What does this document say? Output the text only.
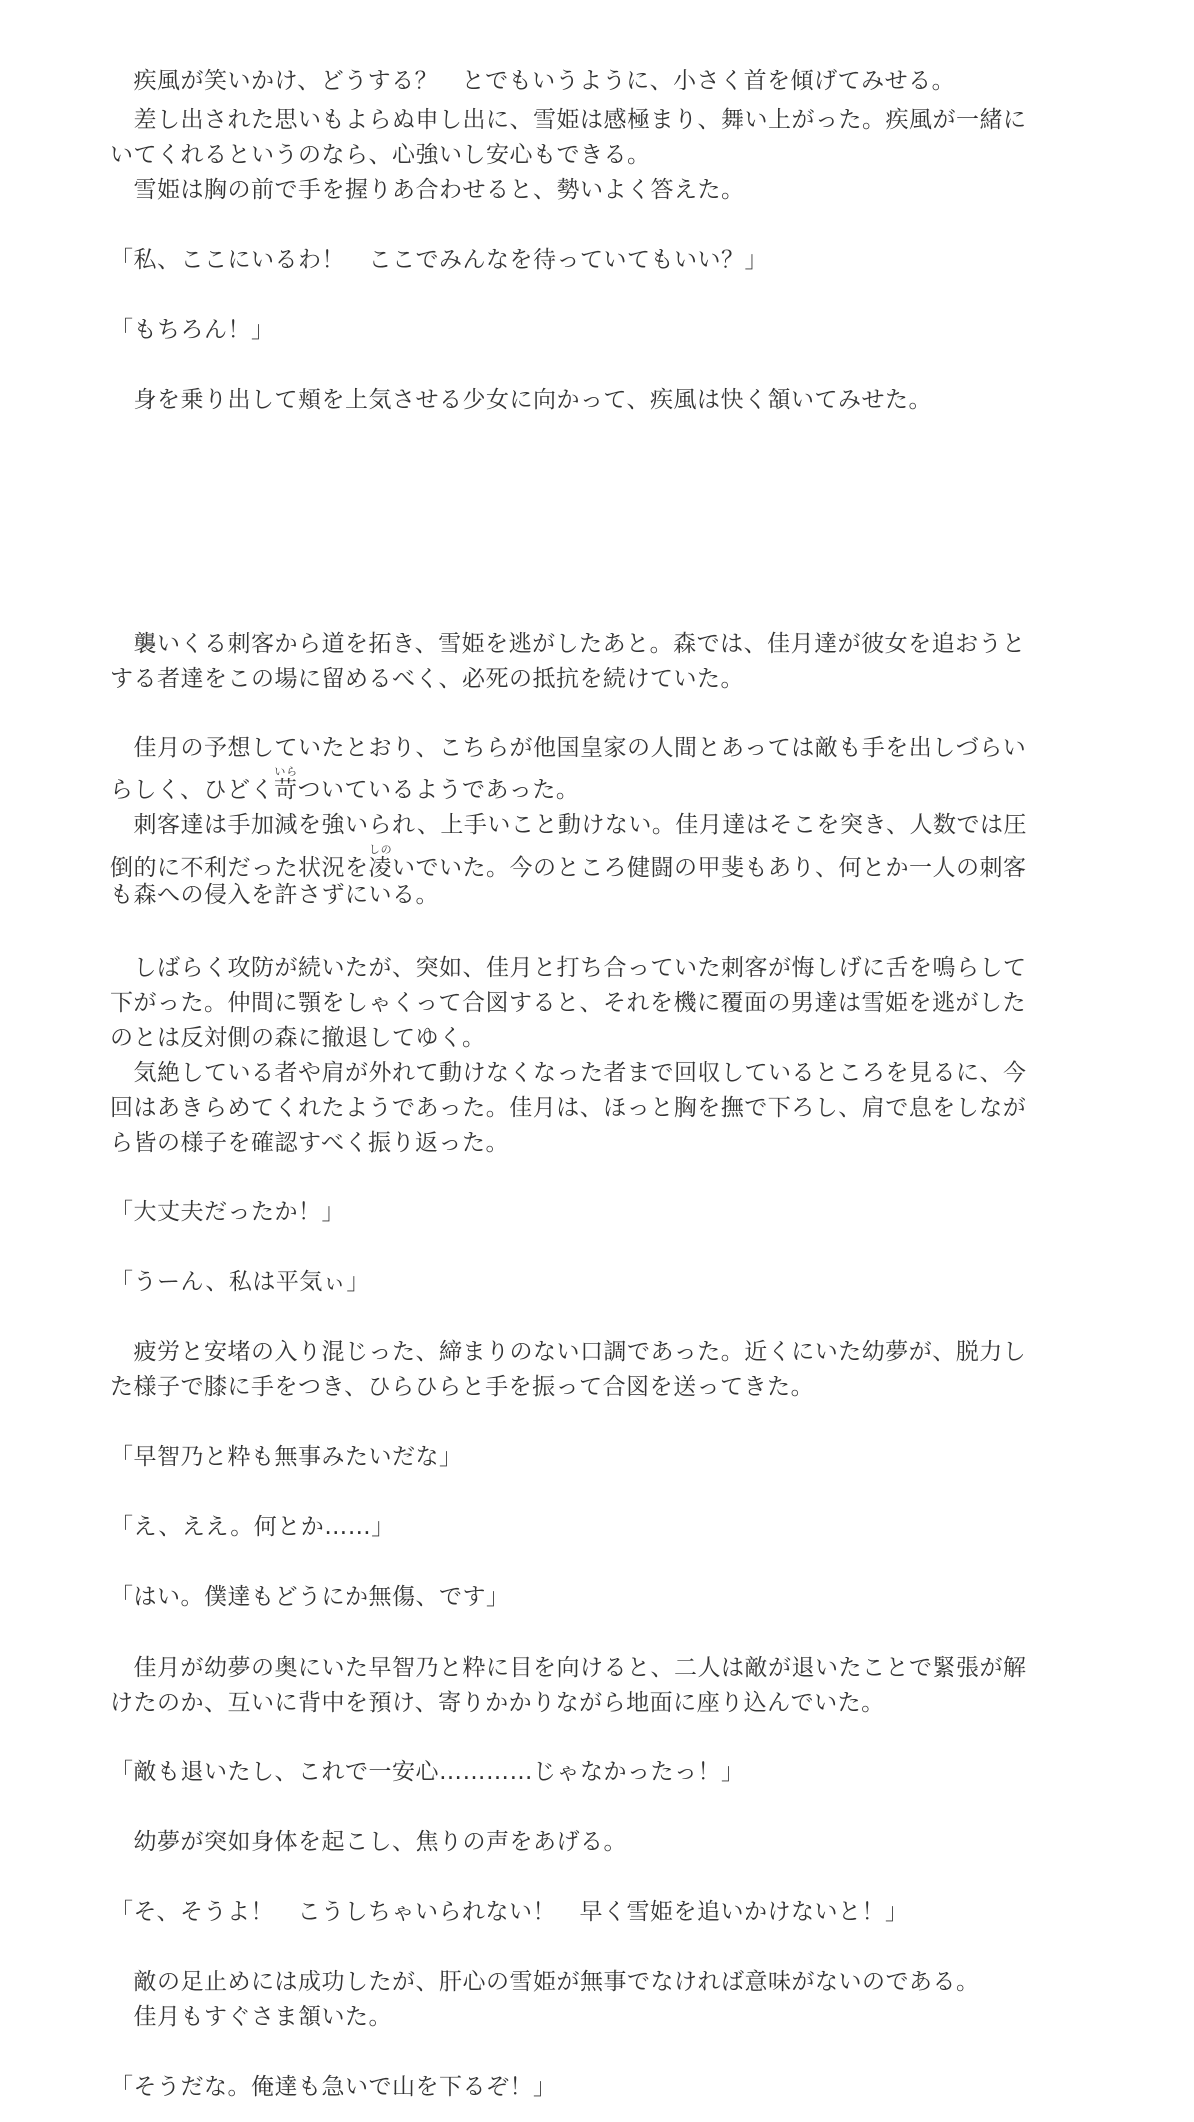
　疾風が笑いかけ、どうする？　とでもいうように、小さく首を傾げてみせる。
　差し出された思いもよらぬ申し出に、雪姫は感極まり、舞い上がった。疾風が一緒に
いてくれるというのなら、心強いし安心もできる。
　雪姫は胸の前で手を握りあ合わせると、勢いよく答えた。
「私、ここにいるわ！　ここでみんなを待っていてもいい？」
「もちろん！」
　身を乗り出して頬を上気させる少女に向かって、疾風は快く頷いてみせた。
　襲いくる刺客から道を拓き、雪姫を逃がしたあと。森では、佳月達が彼女を追おうと
する者達をこの場に留めるべく、必死の抵抗を続けていた。
　佳月の予想していたとおり、こちらが他国皇家の人間とあっては敵も手を出しづらい
らしく、ひどく苛いらついているようであった。
　刺客達は手加減を強いられ、上手いこと動けない。佳月達はそこを突き、人数では圧
倒的に不利だった状況を凌しのいでいた。今のところ健闘の甲斐もあり、何とか一人の刺客
も森への侵入を許さずにいる。
　しばらく攻防が続いたが、突如、佳月と打ち合っていた刺客が悔しげに舌を鳴らして
下がった。仲間に顎をしゃくって合図すると、それを機に覆面の男達は雪姫を逃がした
のとは反対側の森に撤退してゆく。
　気絶している者や肩が外れて動けなくなった者まで回収しているところを見るに、今
回はあきらめてくれたようであった。佳月は、ほっと胸を撫で下ろし、肩で息をしなが
ら皆の様子を確認すべく振り返った。
「大丈夫だったか！」
「うーん、私は平気ぃ」
　疲労と安堵の入り混じった、締まりのない口調であった。近くにいた幼夢が、脱力し
た様子で膝に手をつき、ひらひらと手を振って合図を送ってきた。
「早智乃と粋も無事みたいだな」
「え、ええ。何とか……」
「はい。僕達もどうにか無傷、です」
　佳月が幼夢の奥にいた早智乃と粋に目を向けると、二人は敵が退いたことで緊張が解
けたのか、互いに背中を預け、寄りかかりながら地面に座り込んでいた。
「敵も退いたし、これで一安心…………じゃなかったっ！」
　幼夢が突如身体を起こし、焦りの声をあげる。
「そ、そうよ！　こうしちゃいられない！　早く雪姫を追いかけないと！」
　敵の足止めには成功したが、肝心の雪姫が無事でなければ意味がないのである。
　佳月もすぐさま頷いた。
「そうだな。俺達も急いで山を下るぞ！」
